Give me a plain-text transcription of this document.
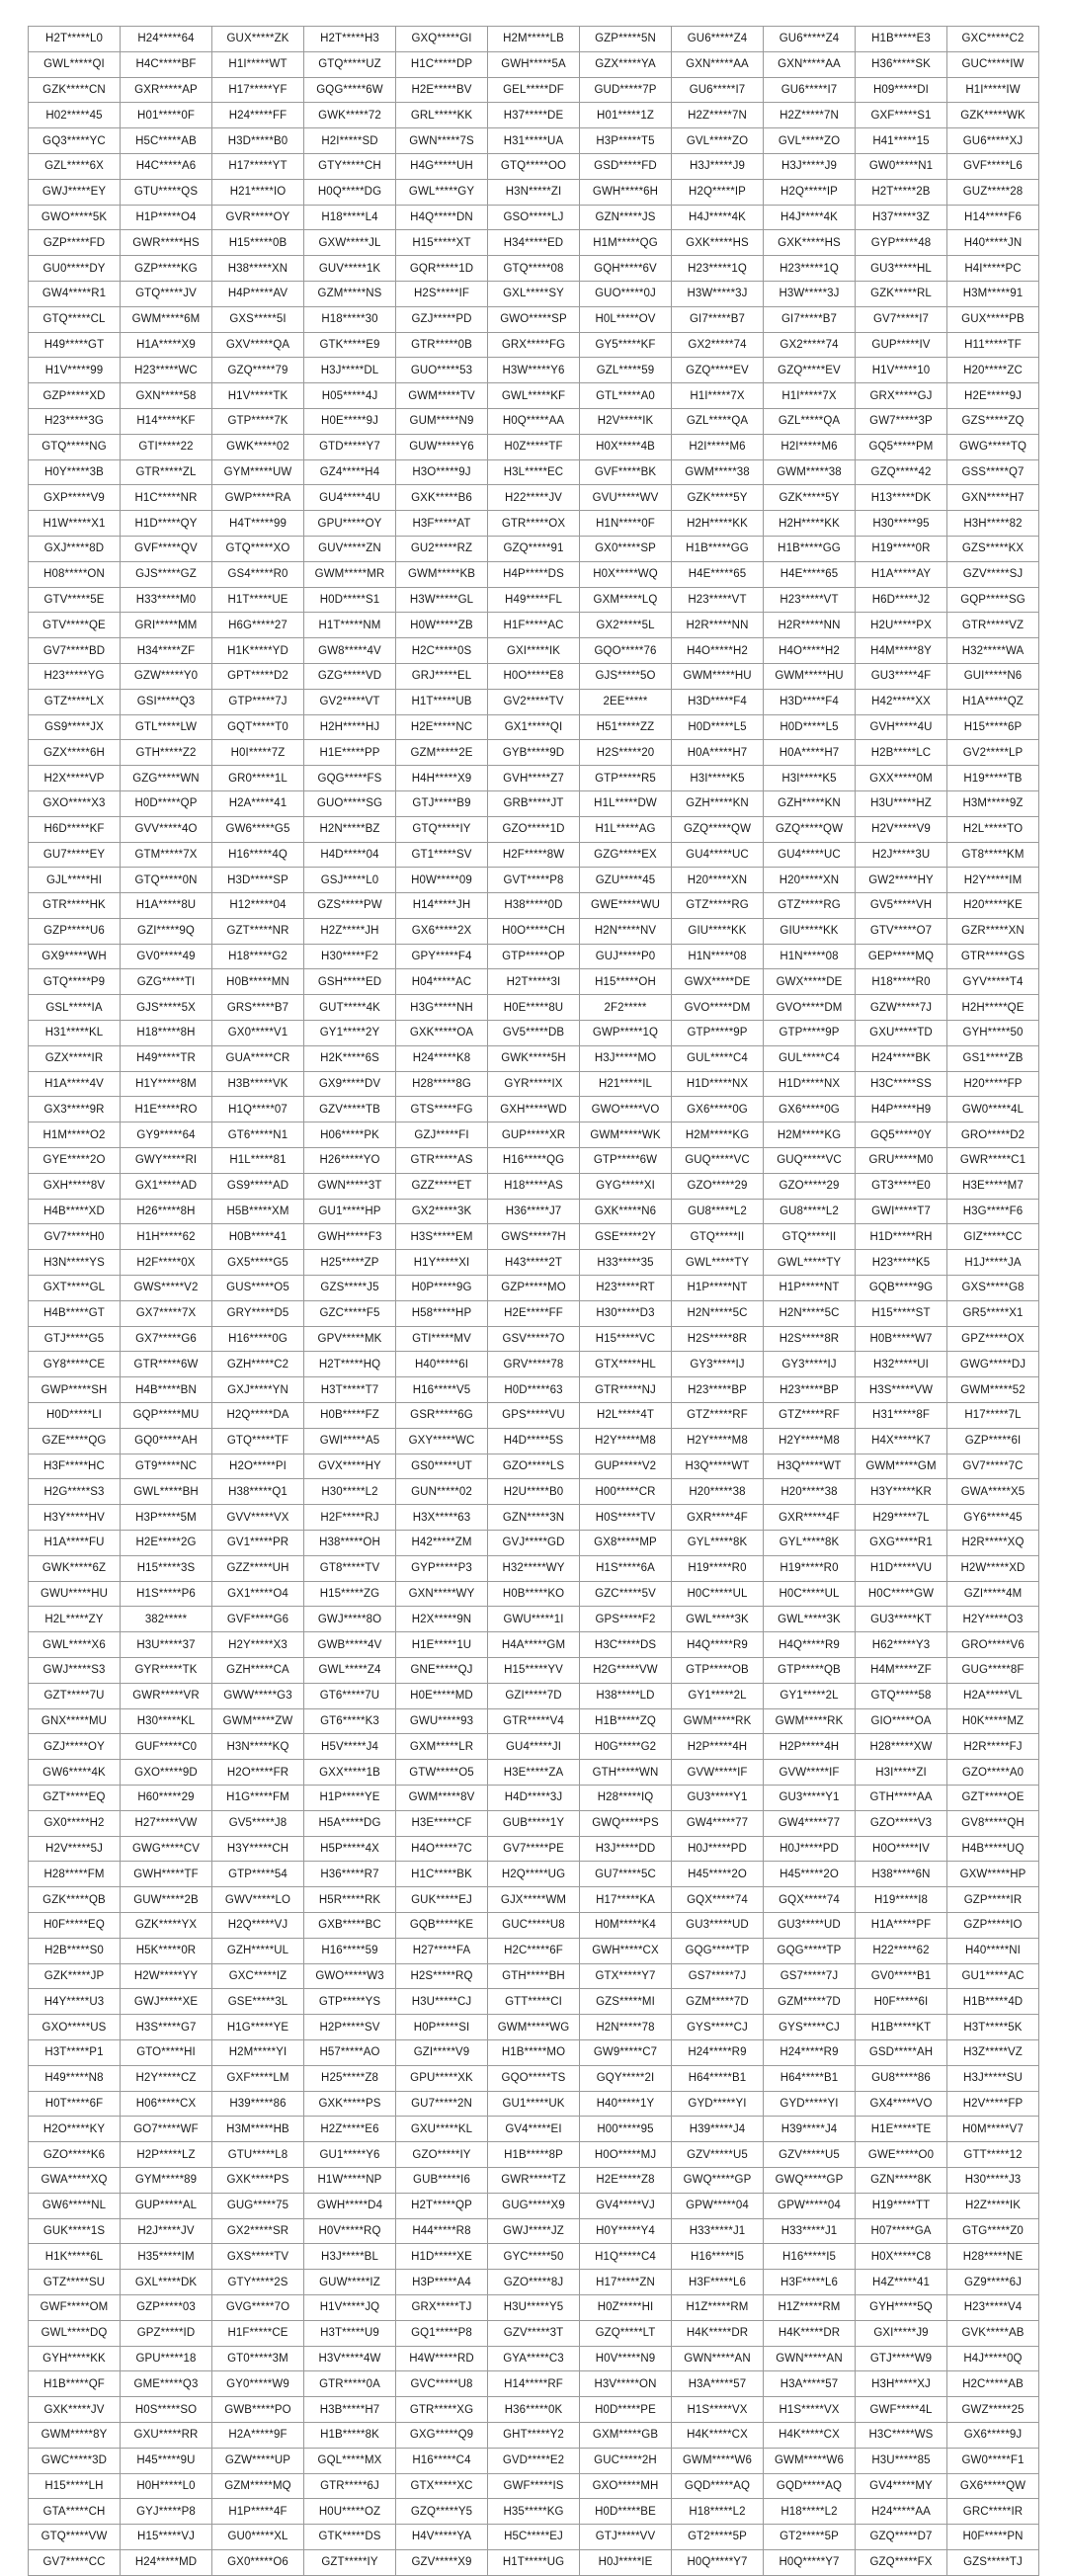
H2T*****L0	H24*****64	GUX*****ZK	H2T*****H3	GXQ*****GI	H2M*****LB	GZP*****5N	GU6*****Z4	GU6*****Z4	H1B*****E3	GXC*****C2
GWL*****QI	H4C*****BF	H1I*****WT	GTQ*****UZ	H1C*****DP	GWH*****5A	GZX*****YA	GXN*****AA	GXN*****AA	H36*****SK	GUC*****IW
GZK*****CN	GXR*****AP	H17*****YF	GQG*****6W	H2E*****BV	GEL*****DF	GUD*****7P	GU6*****I7	GU6*****I7	H09*****DI	H1I*****IW
H02*****45	H01*****0F	H24*****FF	GWK*****72	GRL*****KK	H37*****DE	H01*****1Z	H2Z*****7N	H2Z*****7N	GXF*****S1	GZK*****WK
GQ3*****YC	H5C*****AB	H3D*****B0	H2I*****SD	GWN*****7S	H31*****UA	H3P*****T5	GVL*****ZO	GVL*****ZO	H41*****15	GU6*****XJ
GZL*****6X	H4C*****A6	H17*****YT	GTY*****CH	H4G*****UH	GTQ*****OO	GSD*****FD	H3J*****J9	H3J*****J9	GW0*****N1	GVF*****L6
GWJ*****EY	GTU*****QS	H21*****IO	H0Q*****DG	GWL*****GY	H3N*****ZI	GWH*****6H	H2Q*****IP	H2Q*****IP	H2T*****2B	GUZ*****28
GWO*****5K	H1P*****O4	GVR*****OY	H18*****L4	H4Q*****DN	GSO*****LJ	GZN*****JS	H4J*****4K	H4J*****4K	H37*****3Z	H14*****F6
GZP*****FD	GWR*****HS	H15*****0B	GXW*****JL	H15*****XT	H34*****ED	H1M*****QG	GXK*****HS	GXK*****HS	GYP*****48	H40*****JN
GU0*****DY	GZP*****KG	H38*****XN	GUV*****1K	GQR*****1D	GTQ*****08	GQH*****6V	H23*****1Q	H23*****1Q	GU3*****HL	H4I*****PC
GW4*****R1	GTQ*****JV	H4P*****AV	GZM*****NS	H2S*****IF	GXL*****SY	GUO*****0J	H3W*****3J	H3W*****3J	GZK*****RL	H3M*****91
GTQ*****CL	GWM*****6M	GXS*****5I	H18*****30	GZJ*****PD	GWO*****SP	H0L*****OV	GI7*****B7	GI7*****B7	GV7*****I7	GUX*****PB
H49*****GT	H1A*****X9	GXV*****QA	GTK*****E9	GTR*****0B	GRX*****FG	GY5*****KF	GX2*****74	GX2*****74	GUP*****IV	H11*****TF
H1V*****99	H23*****WC	GZQ*****79	H3J*****DL	GUO*****53	H3W*****Y6	GZL*****59	GZQ*****EV	GZQ*****EV	H1V*****10	H20*****ZC
GZP*****XD	GXN*****58	H1V*****TK	H05*****4J	GWM*****TV	GWL*****KF	GTL*****A0	H1I*****7X	H1I*****7X	GRX*****GJ	H2E*****9J
H23*****3G	H14*****KF	GTP*****7K	H0E*****9J	GUM*****N9	H0Q*****AA	H2V*****IK	GZL*****QA	GZL*****QA	GW7*****3P	GZS*****ZQ
GTQ*****NG	GTI*****22	GWK*****02	GTD*****Y7	GUW*****Y6	H0Z*****TF	H0X*****4B	H2I*****M6	H2I*****M6	GQ5*****PM	GWG*****TQ
H0Y*****3B	GTR*****ZL	GYM*****UW	GZ4*****H4	H3O*****9J	H3L*****EC	GVF*****BK	GWM*****38	GWM*****38	GZQ*****42	GSS*****Q7
GXP*****V9	H1C*****NR	GWP*****RA	GU4*****4U	GXK*****B6	H22*****JV	GVU*****WV	GZK*****5Y	GZK*****5Y	H13*****DK	GXN*****H7
H1W*****X1	H1D*****QY	H4T*****99	GPU*****OY	H3F*****AT	GTR*****OX	H1N*****0F	H2H*****KK	H2H*****KK	H30*****95	H3H*****82
GXJ*****8D	GVF*****QV	GTQ*****XO	GUV*****ZN	GU2*****RZ	GZQ*****91	GX0*****SP	H1B*****GG	H1B*****GG	H19*****0R	GZS*****KX
H08*****ON	GJS*****GZ	GS4*****R0	GWM*****MR	GWM*****KB	H4P*****DS	H0X*****WQ	H4E*****65	H4E*****65	H1A*****AY	GZV*****SJ
GTV*****5E	H33*****M0	H1T*****UE	H0D*****S1	H3W*****GL	H49*****FL	GXM*****LQ	H23*****VT	H23*****VT	H6D*****J2	GQP*****SG
GTV*****QE	GRI*****MM	H6G*****27	H1T*****NM	H0W*****ZB	H1F*****AC	GX2*****5L	H2R*****NN	H2R*****NN	H2U*****PX	GTR*****VZ
GV7*****BD	H34*****ZF	H1K*****YD	GW8*****4V	H2C*****0S	GXI*****IK	GQO*****76	H4O*****H2	H4O*****H2	H4M*****8Y	H32*****WA
H23*****YG	GZW*****Y0	GPT*****D2	GZG*****VD	GRJ*****EL	H0O*****E8	GJS*****5O	GWM*****HU	GWM*****HU	GU3*****4F	GUI*****N6
GTZ*****LX	GSI*****Q3	GTP*****7J	GV2*****VT	H1T*****UB	GV2*****TV	2EE*****	H3D*****F4	H3D*****F4	H42*****XX	H1A*****QZ
GS9*****JX	GTL*****LW	GQT*****T0	H2H*****HJ	H2E*****NC	GX1*****QI	H51*****ZZ	H0D*****L5	H0D*****L5	GVH*****4U	H15*****6P
GZX*****6H	GTH*****Z2	H0I*****7Z	H1E*****PP	GZM*****2E	GYB*****9D	H2S*****20	H0A*****H7	H0A*****H7	H2B*****LC	GV2*****LP
H2X*****VP	GZG*****WN	GR0*****1L	GQG*****FS	H4H*****X9	GVH*****Z7	GTP*****R5	H3I*****K5	H3I*****K5	GXX*****0M	H19*****TB
GXO*****X3	H0D*****QP	H2A*****41	GUO*****SG	GTJ*****B9	GRB*****JT	H1L*****DW	GZH*****KN	GZH*****KN	H3U*****HZ	H3M*****9Z
H6D*****KF	GVV*****4O	GW6*****G5	H2N*****BZ	GTQ*****IY	GZO*****1D	H1L*****AG	GZQ*****QW	GZQ*****QW	H2V*****V9	H2L*****TO
GU7*****EY	GTM*****7X	H16*****4Q	H4D*****04	GT1*****SV	H2F*****8W	GZG*****EX	GU4*****UC	GU4*****UC	H2J*****3U	GT8*****KM
GJL*****HI	GTQ*****0N	H3D*****SP	GSJ*****L0	H0W*****09	GVT*****P8	GZU*****45	H20*****XN	H20*****XN	GW2*****HY	H2Y*****IM
GTR*****HK	H1A*****8U	H12*****04	GZS*****PW	H14*****JH	H38*****0D	GWE*****WU	GTZ*****RG	GTZ*****RG	GV5*****VH	H20*****KE
GZP*****U6	GZI*****9Q	GZT*****NR	H2Z*****JH	GX6*****2X	H0O*****CH	H2N*****NV	GIU*****KK	GIU*****KK	GTV*****O7	GZR*****XN
GX9*****WH	GV0*****49	H18*****G2	H30*****F2	GPY*****F4	GTP*****OP	GUJ*****P0	H1N*****08	H1N*****08	GEP*****MQ	GTR*****GS
GTQ*****P9	GZG*****TI	H0B*****MN	GSH*****ED	H04*****AC	H2T*****3I	H15*****OH	GWX*****DE	GWX*****DE	H18*****R0	GYV*****T4
GSL*****IA	GJS*****5X	GRS*****B7	GUT*****4K	H3G*****NH	H0E*****8U	2F2*****	GVO*****DM	GVO*****DM	GZW*****7J	H2H*****QE
H31*****KL	H18*****8H	GX0*****V1	GY1*****2Y	GXK*****OA	GV5*****DB	GWP*****1Q	GTP*****9P	GTP*****9P	GXU*****TD	GYH*****50
GZX*****IR	H49*****TR	GUA*****CR	H2K*****6S	H24*****K8	GWK*****5H	H3J*****MO	GUL*****C4	GUL*****C4	H24*****BK	GS1*****ZB
H1A*****4V	H1Y*****8M	H3B*****VK	GX9*****DV	H28*****8G	GYR*****IX	H21*****IL	H1D*****NX	H1D*****NX	H3C*****SS	H20*****FP
GX3*****9R	H1E*****RO	H1Q*****07	GZV*****TB	GTS*****FG	GXH*****WD	GWO*****VO	GX6*****0G	GX6*****0G	H4P*****H9	GW0*****4L
H1M*****O2	GY9*****64	GT6*****N1	H06*****PK	GZJ*****FI	GUP*****XR	GWM*****WK	H2M*****KG	H2M*****KG	GQ5*****0Y	GRO*****D2
GYE*****2O	GWY*****RI	H1L*****81	H26*****YO	GTR*****AS	H16*****QG	GTP*****6W	GUQ*****VC	GUQ*****VC	GRU*****M0	GWR*****C1
GXH*****8V	GX1*****AD	GS9*****AD	GWN*****3T	GZZ*****ET	H18*****AS	GYG*****XI	GZO*****29	GZO*****29	GT3*****E0	H3E*****M7
H4B*****XD	H26*****8H	H5B*****XM	GU1*****HP	GX2*****3K	H36*****J7	GXK*****N6	GU8*****L2	GU8*****L2	GWI*****T7	H3G*****F6
GV7*****H0	H1H*****62	H0B*****41	GWH*****F3	H3S*****EM	GWS*****7H	GSE*****2Y	GTQ*****II	GTQ*****II	H1D*****RH	GIZ*****CC
H3N*****YS	H2F*****0X	GX5*****G5	H25*****ZP	H1Y*****XI	H43*****2T	H33*****35	GWL*****TY	GWL*****TY	H23*****K5	H1J*****JA
GXT*****GL	GWS*****V2	GUS*****O5	GZS*****J5	H0P*****9G	GZP*****MO	H23*****RT	H1P*****NT	H1P*****NT	GQB*****9G	GXS*****G8
H4B*****GT	GX7*****7X	GRY*****D5	GZC*****F5	H58*****HP	H2E*****FF	H30*****D3	H2N*****5C	H2N*****5C	H15*****ST	GR5*****X1
GTJ*****G5	GX7*****G6	H16*****0G	GPV*****MK	GTI*****MV	GSV*****7O	H15*****VC	H2S*****8R	H2S*****8R	H0B*****W7	GPZ*****OX
GY8*****CE	GTR*****6W	GZH*****C2	H2T*****HQ	H40*****6I	GRV*****78	GTX*****HL	GY3*****IJ	GY3*****IJ	H32*****UI	GWG*****DJ
GWP*****SH	H4B*****BN	GXJ*****YN	H3T*****T7	H16*****V5	H0D*****63	GTR*****NJ	H23*****BP	H23*****BP	H3S*****VW	GWM*****52
H0D*****LI	GQP*****MU	H2Q*****DA	H0B*****FZ	GSR*****6G	GPS*****VU	H2L*****4T	GTZ*****RF	GTZ*****RF	H31*****8F	H17*****7L
GZE*****QG	GQ0*****AH	GTQ*****TF	GWI*****A5	GXY*****WC	H4D*****5S	H2Y*****M8	H2Y*****M8	H2Y*****M8	H4X*****K7	GZP*****6I
H3F*****HC	GT9*****NC	H2O*****PI	GVX*****HY	GS0*****UT	GZO*****LS	GUP*****V2	H3Q*****WT	H3Q*****WT	GWM*****GM	GV7*****7C
H2G*****S3	GWL*****BH	H38*****Q1	H30*****L2	GUN*****02	H2U*****B0	H00*****CR	H20*****38	H20*****38	H3Y*****KR	GWA*****X5
H3Y*****HV	H3P*****5M	GVV*****VX	H2F*****RJ	H3X*****63	GZN*****3N	H0S*****TV	GXR*****4F	GXR*****4F	H29*****7L	GY6*****45
H1A*****FU	H2E*****2G	GV1*****PR	H38*****OH	H42*****ZM	GVJ*****GD	GX8*****MP	GYL*****8K	GYL*****8K	GXG*****R1	H2R*****XQ
GWK*****6Z	H15*****3S	GZZ*****UH	GT8*****TV	GYP*****P3	H32*****WY	H1S*****6A	H19*****R0	H19*****R0	H1D*****VU	H2W*****XD
GWU*****HU	H1S*****P6	GX1*****O4	H15*****ZG	GXN*****WY	H0B*****KO	GZC*****5V	H0C*****UL	H0C*****UL	H0C*****GW	GZI*****4M
H2L*****ZY	382*****	GVF*****G6	GWJ*****8O	H2X*****9N	GWU*****1I	GPS*****F2	GWL*****3K	GWL*****3K	GU3*****KT	H2Y*****O3
GWL*****X6	H3U*****37	H2Y*****X3	GWB*****4V	H1E*****1U	H4A*****GM	H3C*****DS	H4Q*****R9	H4Q*****R9	H62*****Y3	GRO*****V6
GWJ*****S3	GYR*****TK	GZH*****CA	GWL*****Z4	GNE*****QJ	H15*****YV	H2G*****VW	GTP*****OB	GTP*****QB	H4M*****ZF	GUG*****8F
GZT*****7U	GWR*****VR	GWW*****G3	GT6*****7U	H0E*****MD	GZI*****7D	H38*****LD	GY1*****2L	GY1*****2L	GTQ*****58	H2A*****VL
GNX*****MU	H30*****KL	GWM*****ZW	GT6*****K3	GWU*****93	GTR*****V4	H1B*****ZQ	GWM*****RK	GWM*****RK	GIO*****OA	H0K*****MZ
GZJ*****OY	GUF*****C0	H3N*****KQ	H5V*****J4	GXM*****LR	GU4*****JI	H0G*****G2	H2P*****4H	H2P*****4H	H28*****XW	H2R*****FJ
GW6*****4K	GXO*****9D	H2O*****FR	GXX*****1B	GTW*****O5	H3E*****ZA	GTH*****WN	GVW*****IF	GVW*****IF	H3I*****ZI	GZO*****A0
GZT*****EQ	H60*****29	H1G*****FM	H1P*****YE	GWM*****8V	H4D*****3J	H28*****IQ	GU3*****Y1	GU3*****Y1	GTH*****AA	GZT*****OE
GX0*****H2	H27*****VW	GV5*****J8	H5A*****DG	H3E*****CF	GUB*****1Y	GWQ*****PS	GW4*****77	GW4*****77	GZO*****V3	GV8*****QH
H2V*****5J	GWG*****CV	H3Y*****CH	H5P*****4X	H4O*****7C	GV7*****PE	H3J*****DD	H0J*****PD	H0J*****PD	H0O*****IV	H4B*****UQ
H28*****FM	GWH*****TF	GTP*****54	H36*****R7	H1C*****BK	H2Q*****UG	GU7*****5C	H45*****2O	H45*****2O	H38*****6N	GXW*****HP
GZK*****QB	GUW*****2B	GWV*****LO	H5R*****RK	GUK*****EJ	GJX*****WM	H17*****KA	GQX*****74	GQX*****74	H19*****I8	GZP*****IR
H0F*****EQ	GZK*****YX	H2Q*****VJ	GXB*****BC	GQB*****KE	GUC*****U8	H0M*****K4	GU3*****UD	GU3*****UD	H1A*****PF	GZP*****IO
H2B*****S0	H5K*****0R	GZH*****UL	H16*****59	H27*****FA	H2C*****6F	GWH*****CX	GQG*****TP	GQG*****TP	H22*****62	H40*****NI
GZK*****JP	H2W*****YY	GXC*****IZ	GWO*****W3	H2S*****RQ	GTH*****BH	GTX*****Y7	GS7*****7J	GS7*****7J	GV0*****B1	GU1*****AC
H4Y*****U3	GWJ*****XE	GSE*****3L	GTP*****YS	H3U*****CJ	GTT*****CI	GZS*****MI	GZM*****7D	GZM*****7D	H0F*****6I	H1B*****4D
GXO*****US	H3S*****G7	H1G*****YE	H2P*****SV	H0P*****SI	GWM*****WG	H2N*****78	GYS*****CJ	GYS*****CJ	H1B*****KT	H3T*****5K
H3T*****P1	GTO*****HI	H2M*****YI	H57*****AO	GZI*****V9	H1B*****MO	GW9*****C7	H24*****R9	H24*****R9	GSD*****AH	H3Z*****VZ
H49*****N8	H2Y*****CZ	GXF*****LM	H25*****Z8	GPU*****XK	GQO*****TS	GQY*****2I	H64*****B1	H64*****B1	GU8*****86	H3J*****SU
H0T*****6F	H06*****CX	H39*****86	GXK*****PS	GU7*****2N	GU1*****UK	H40*****1Y	GYD*****YI	GYD*****YI	GX4*****VO	H2V*****FP
H2O*****KY	GO7*****WF	H3M*****HB	H2Z*****E6	GXU*****KL	GV4*****EI	H00*****95	H39*****J4	H39*****J4	H1E*****TE	H0M*****V7
GZO*****K6	H2P*****LZ	GTU*****L8	GU1*****Y6	GZO*****IY	H1B*****8P	H0O*****MJ	GZV*****U5	GZV*****U5	GWE*****O0	GTT*****12
GWA*****XQ	GYM*****89	GXK*****PS	H1W*****NP	GUB*****I6	GWR*****TZ	H2E*****Z8	GWQ*****GP	GWQ*****GP	GZN*****8K	H30*****J3
GW6*****NL	GUP*****AL	GUG*****75	GWH*****D4	H2T*****QP	GUG*****X9	GV4*****VJ	GPW*****04	GPW*****04	H19*****TT	H2Z*****IK
GUK*****1S	H2J*****JV	GX2*****SR	H0V*****RQ	H44*****R8	GWJ*****JZ	H0Y*****Y4	H33*****J1	H33*****J1	H07*****GA	GTG*****Z0
H1K*****6L	H35*****IM	GXS*****TV	H3J*****BL	H1D*****XE	GYC*****50	H1Q*****C4	H16*****I5	H16*****I5	H0X*****C8	H28*****NE
GTZ*****SU	GXL*****DK	GTY*****2S	GUW*****IZ	H3P*****A4	GZO*****8J	H17*****ZN	H3F*****L6	H3F*****L6	H4Z*****41	GZ9*****6J
GWF*****OM	GZP*****03	GVG*****7O	H1V*****JQ	GRX*****TJ	H3U*****Y5	H0Z*****HI	H1Z*****RM	H1Z*****RM	GYH*****5Q	H23*****V4
GWL*****DQ	GPZ*****ID	H1F*****CE	H3T*****U9	GQ1*****P8	GZV*****3T	GZQ*****LT	H4K*****DR	H4K*****DR	GXI*****J9	GVK*****AB
GYH*****KK	GPU*****18	GT0*****3M	H3V*****4W	H4W*****RD	GYA*****C3	H0V*****N9	GWN*****AN	GWN*****AN	GTJ*****W9	H4J*****0Q
H1B*****QF	GME*****Q3	GY0*****W9	GTR*****0A	GVC*****U8	H14*****RF	H3V*****ON	H3A*****57	H3A*****57	H3H*****XJ	H2C*****AB
GXK*****JV	H0S*****SO	GWB*****PO	H3B*****H7	GTR*****XG	H36*****0K	H0D*****PE	H1S*****VX	H1S*****VX	GWF*****4L	GWZ*****25
GWM*****8Y	GXU*****RR	H2A*****9F	H1B*****8K	GXG*****Q9	GHT*****Y2	GXM*****GB	H4K*****CX	H4K*****CX	H3C*****WS	GX6*****9J
GWC*****3D	H45*****9U	GZW*****UP	GQL*****MX	H16*****C4	GVD*****E2	GUC*****2H	GWM*****W6	GWM*****W6	H3U*****85	GW0*****F1
H15*****LH	H0H*****L0	GZM*****MQ	GTR*****6J	GTX*****XC	GWF*****IS	GXO*****MH	GQD*****AQ	GQD*****AQ	GV4*****MY	GX6*****QW
GTA*****CH	GYJ*****P8	H1P*****4F	H0U*****OZ	GZQ*****Y5	H35*****KG	H0D*****BE	H18*****L2	H18*****L2	H24*****AA	GRC*****IR
GTQ*****VW	H15*****VJ	GU0*****XL	GTK*****DS	H4V*****YA	H5C*****EJ	GTJ*****VV	GT2*****5P	GT2*****5P	GZQ*****D7	H0F*****PN
GV7*****CC	H24*****MD	GX0*****O6	GZT*****IY	GZV*****X9	H1T*****UG	H0J*****IE	H0Q*****Y7	H0Q*****Y7	GZQ*****FX	GZS*****TJ
